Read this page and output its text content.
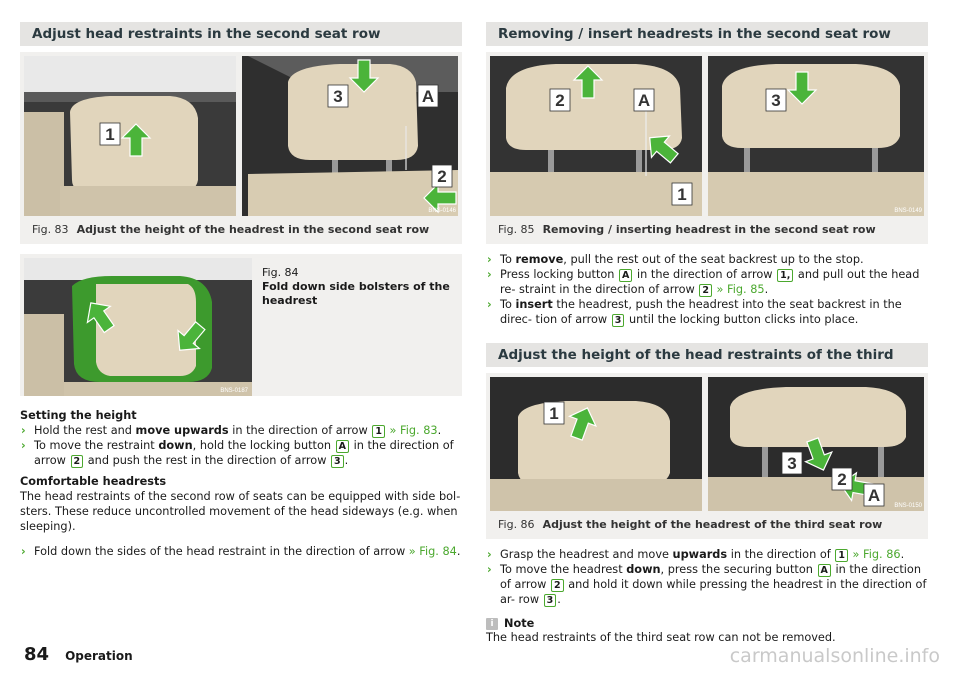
Adjust head restraints in the second seat row
1
3	A
2
BNS-0146
Fig. 83 Adjust the height of the headrest in the second seat row
BNS-0187
Fig. 84
Fold down side bolsters of the headrest
Setting the height
› Hold the rest and move upwards in the direction of arrow 1 » Fig. 83.
› To move the restraint down, hold the locking button A in the direction of arrow 2 and push the rest in the direction of arrow 3 .
Comfortable headrests
The head restraints of the second row of seats can be equipped with side bol- sters. These reduce uncontrolled movement of the head sideways (e.g. when sleeping).
› Fold down the sides of the head restraint in the direction of arrow » Fig. 84.
Removing / insert headrests in the second seat row
2	A
1
3
BNS-0149
Fig. 85 Removing / inserting headrest in the second seat row
› To remove, pull the rest out of the seat backrest up to the stop.
› Press locking button A in the direction of arrow 1, and pull out the head re- straint in the direction of arrow 2 » Fig. 85.
› To insert the headrest, push the headrest into the seat backrest in the direc- tion of arrow 3 until the locking button clicks into place.
Adjust the height of the head restraints of the third
1
3
2
A
BNS-0150
Fig. 86 Adjust the height of the headrest of the third seat row
› Grasp the headrest and move upwards in the direction of 1 » Fig. 86.
› To move the headrest down, press the securing button A in the direction of arrow 2 and hold it down while pressing the headrest in the direction of ar- row 3 .
i Note
The head restraints of the third seat row can not be removed.
84 Operation	carmanualsonline.info
